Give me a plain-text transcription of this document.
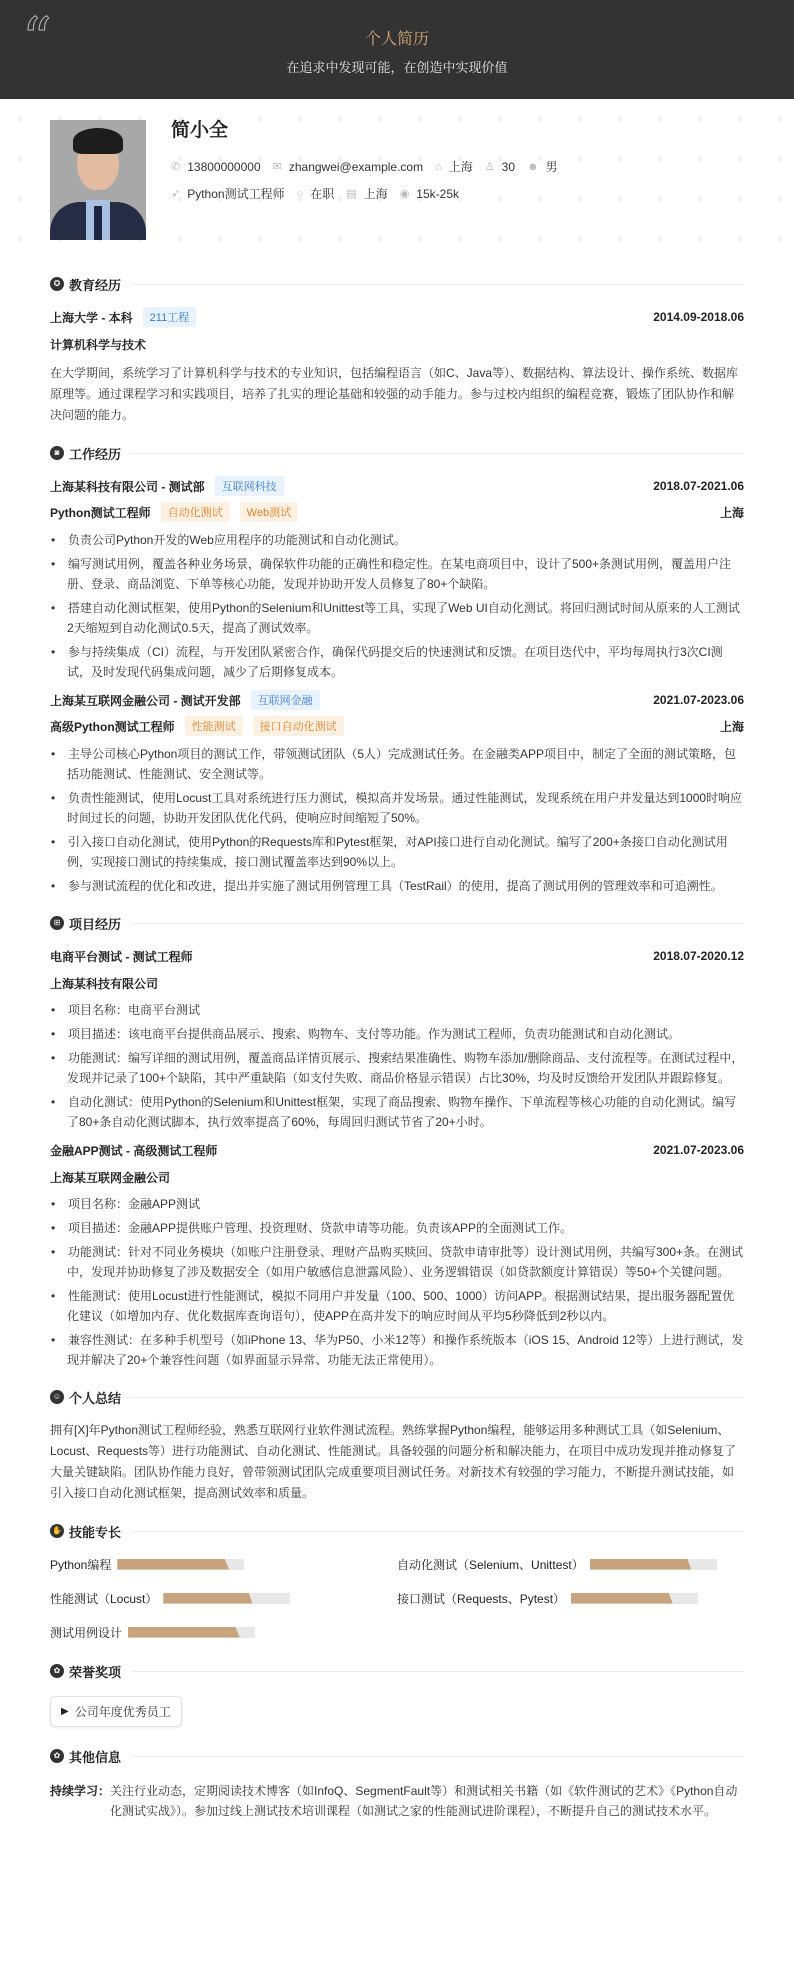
“	个人简历
在追求中发现可能，在创造中实现价值
简小全
✆ 13800000000 ✉ zhangwei@example.com ⌂ 上海 ♙ 30 ☻ 男
➶ Python测试工程师 ○ 在职 ▤ 上海 ◉ 15k-25k
✪ 教育经历
上海大学 - 本科	211工程	2014.09-2018.06
计算机科学与技术
在大学期间，系统学习了计算机科学与技术的专业知识，包括编程语言（如C、Java等）、数据结构、算法设计、操作系统、数据库原理等。通过课程学习和实践项目，培养了扎实的理论基础和较强的动手能力。参与过校内组织的编程竞赛，锻炼了团队协作和解决问题的能力。
◙ 工作经历
上海某科技有限公司 - 测试部	互联网科技	2018.07-2021.06
Python测试工程师	自动化测试	Web测试	上海
• 负责公司Python开发的Web应用程序的功能测试和自动化测试。
• 编写测试用例，覆盖各种业务场景，确保软件功能的正确性和稳定性。在某电商项目中，设计了500+条测试用例，覆盖用户注册、登录、商品浏览、下单等核心功能，发现并协助开发人员修复了80+个缺陷。
• 搭建自动化测试框架，使用Python的Selenium和Unittest等工具，实现了Web UI自动化测试。将回归测试时间从原来的人工测试2天缩短到自动化测试0.5天，提高了测试效率。
• 参与持续集成（CI）流程，与开发团队紧密合作，确保代码提交后的快速测试和反馈。在项目迭代中，平均每周执行3次CI测试，及时发现代码集成问题，减少了后期修复成本。
上海某互联网金融公司 - 测试开发部	互联网金融	2021.07-2023.06
高级Python测试工程师	性能测试	接口自动化测试	上海
• 主导公司核心Python项目的测试工作，带领测试团队（5人）完成测试任务。在金融类APP项目中，制定了全面的测试策略，包括功能测试、性能测试、安全测试等。
• 负责性能测试，使用Locust工具对系统进行压力测试，模拟高并发场景。通过性能测试，发现系统在用户并发量达到1000时响应时间过长的问题，协助开发团队优化代码，使响应时间缩短了50%。
• 引入接口自动化测试，使用Python的Requests库和Pytest框架，对API接口进行自动化测试。编写了200+条接口自动化测试用例，实现接口测试的持续集成，接口测试覆盖率达到90%以上。
• 参与测试流程的优化和改进，提出并实施了测试用例管理工具（TestRail）的使用，提高了测试用例的管理效率和可追溯性。
⊞ 项目经历
电商平台测试 - 测试工程师	2018.07-2020.12
上海某科技有限公司
• 项目名称：电商平台测试
• 项目描述：该电商平台提供商品展示、搜索、购物车、支付等功能。作为测试工程师，负责功能测试和自动化测试。
• 功能测试：编写详细的测试用例，覆盖商品详情页展示、搜索结果准确性、购物车添加/删除商品、支付流程等。在测试过程中，发现并记录了100+个缺陷，其中严重缺陷（如支付失败、商品价格显示错误）占比30%，均及时反馈给开发团队并跟踪修复。
• 自动化测试：使用Python的Selenium和Unittest框架，实现了商品搜索、购物车操作、下单流程等核心功能的自动化测试。编写了80+条自动化测试脚本，执行效率提高了60%，每周回归测试节省了20+小时。
金融APP测试 - 高级测试工程师	2021.07-2023.06
上海某互联网金融公司
• 项目名称：金融APP测试
• 项目描述：金融APP提供账户管理、投资理财、贷款申请等功能。负责该APP的全面测试工作。
• 功能测试：针对不同业务模块（如账户注册登录、理财产品购买赎回、贷款申请审批等）设计测试用例，共编写300+条。在测试中，发现并协助修复了涉及数据安全（如用户敏感信息泄露风险）、业务逻辑错误（如贷款额度计算错误）等50+个关键问题。
• 性能测试：使用Locust进行性能测试，模拟不同用户并发量（100、500、1000）访问APP。根据测试结果，提出服务器配置优化建议（如增加内存、优化数据库查询语句），使APP在高并发下的响应时间从平均5秒降低到2秒以内。
• 兼容性测试：在多种手机型号（如iPhone 13、华为P50、小米12等）和操作系统版本（iOS 15、Android 12等）上进行测试，发现并解决了20+个兼容性问题（如界面显示异常、功能无法正常使用）。
☺ 个人总结
拥有[X]年Python测试工程师经验，熟悉互联网行业软件测试流程。熟练掌握Python编程，能够运用多种测试工具（如Selenium、Locust、Requests等）进行功能测试、自动化测试、性能测试。具备较强的问题分析和解决能力，在项目中成功发现并推动修复了大量关键缺陷。团队协作能力良好，曾带领测试团队完成重要项目测试任务。对新技术有较强的学习能力，不断提升测试技能，如引入接口自动化测试框架，提高测试效率和质量。
✋ 技能专长
Python编程	自动化测试（Selenium、Unittest）
性能测试（Locust）	接口测试（Requests、Pytest）
测试用例设计
✿ 荣誉奖项
▶ 公司年度优秀员工
✿ 其他信息
持续学习： 关注行业动态，定期阅读技术博客（如InfoQ、SegmentFault等）和测试相关书籍（如《软件测试的艺术》《Python自动化测试实战》）。参加过线上测试技术培训课程（如测试之家的性能测试进阶课程），不断提升自己的测试技术水平。
